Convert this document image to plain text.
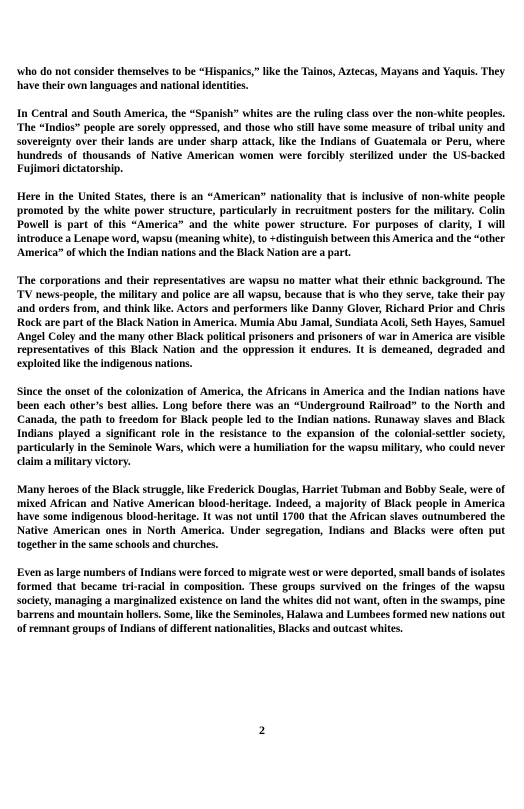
who do not consider themselves to be “Hispanics,” like the Tainos, Aztecas, Mayans and Yaquis. They have their own languages and national identities.

In Central and South America, the “Spanish” whites are the ruling class over the non-white peoples. The “Indios” people are sorely oppressed, and those who still have some measure of tribal unity and sovereignty over their lands are under sharp attack, like the Indians of Guatemala or Peru, where hundreds of thousands of Native American women were forcibly sterilized under the US-backed Fujimori dictatorship.

Here in the United States, there is an “American” nationality that is inclusive of non-white people promoted by the white power structure, particularly in recruitment posters for the military. Colin Powell is part of this “America” and the white power structure. For purposes of clarity, I will introduce a Lenape word, wapsu (meaning white), to +distinguish between this America and the “other America” of which the Indian nations and the Black Nation are a part.

The corporations and their representatives are wapsu no matter what their ethnic background. The TV news-people, the military and police are all wapsu, because that is who they serve, take their pay and orders from, and think like. Actors and performers like Danny Glover, Richard Prior and Chris Rock are part of the Black Nation in America. Mumia Abu Jamal, Sundiata Acoli, Seth Hayes, Samuel Angel Coley and the many other Black political prisoners and prisoners of war in America are visible representatives of this Black Nation and the oppression it endures. It is demeaned, degraded and exploited like the indigenous nations.

Since the onset of the colonization of America, the Africans in America and the Indian nations have been each other’s best allies. Long before there was an “Underground Railroad” to the North and Canada, the path to freedom for Black people led to the Indian nations. Runaway slaves and Black Indians played a significant role in the resistance to the expansion of the colonial-settler society, particularly in the Seminole Wars, which were a humiliation for the wapsu military, who could never claim a military victory.

Many heroes of the Black struggle, like Frederick Douglas, Harriet Tubman and Bobby Seale, were of mixed African and Native American blood-heritage. Indeed, a majority of Black people in America have some indigenous blood-heritage. It was not until 1700 that the African slaves outnumbered the Native American ones in North America. Under segregation, Indians and Blacks were often put together in the same schools and churches.

Even as large numbers of Indians were forced to migrate west or were deported, small bands of isolates formed that became tri-racial in composition. These groups survived on the fringes of the wapsu society, managing a marginalized existence on land the whites did not want, often in the swamps, pine barrens and mountain hollers. Some, like the Seminoles, Halawa and Lumbees formed new nations out of remnant groups of Indians of different nationalities, Blacks and outcast whites.

2
